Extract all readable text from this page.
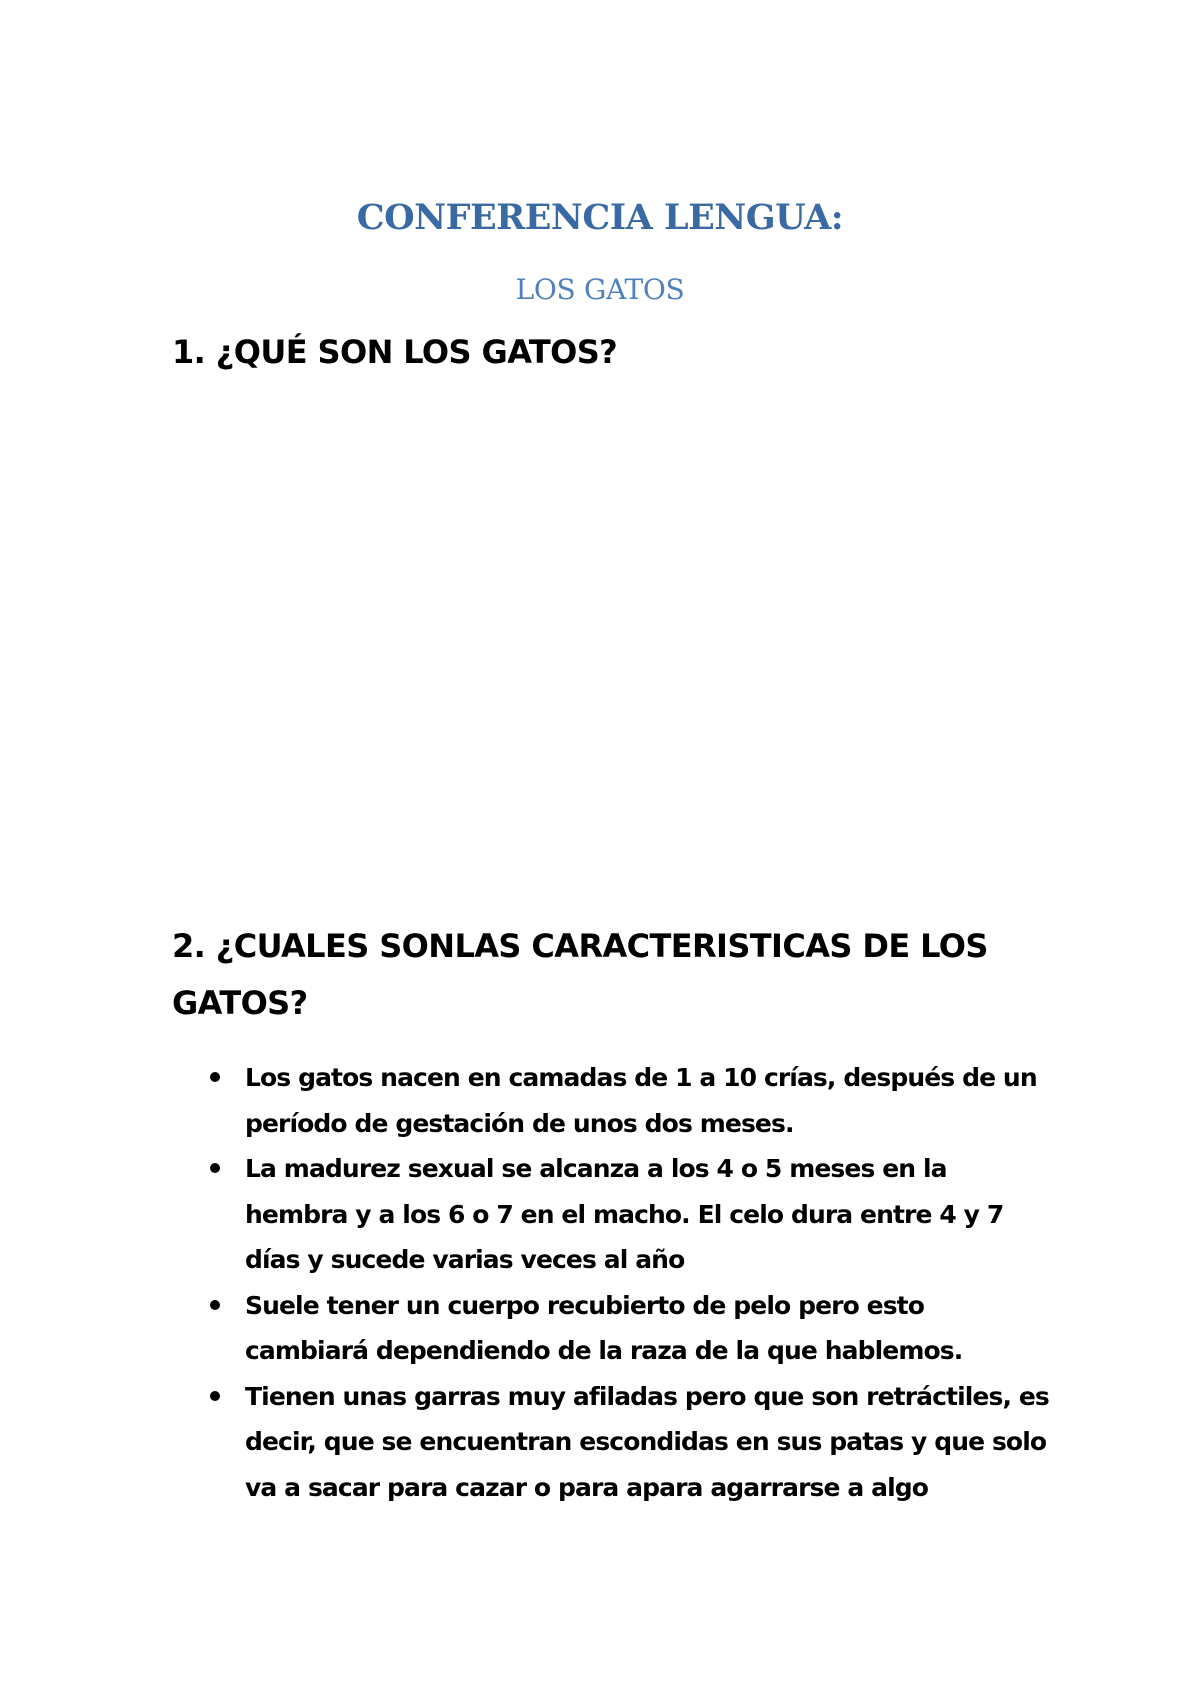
CONFERENCIA LENGUA:
LOS GATOS
1. ¿QUÉ SON LOS GATOS?
2. ¿CUALES SONLAS CARACTERISTICAS DE LOS GATOS?
Los gatos nacen en camadas de 1 a 10 crías, después de un período de gestación de unos dos meses.
La madurez sexual se alcanza a los 4 o 5 meses en la hembra y a los 6 o 7 en el macho. El celo dura entre 4 y 7 días y sucede varias veces al año
Suele tener un cuerpo recubierto de pelo pero esto cambiará dependiendo de la raza de la que hablemos.
Tienen unas garras muy afiladas pero que son retráctiles, es decir, que se encuentran escondidas en sus patas y que solo va a sacar para cazar o para apara agarrarse a algo
